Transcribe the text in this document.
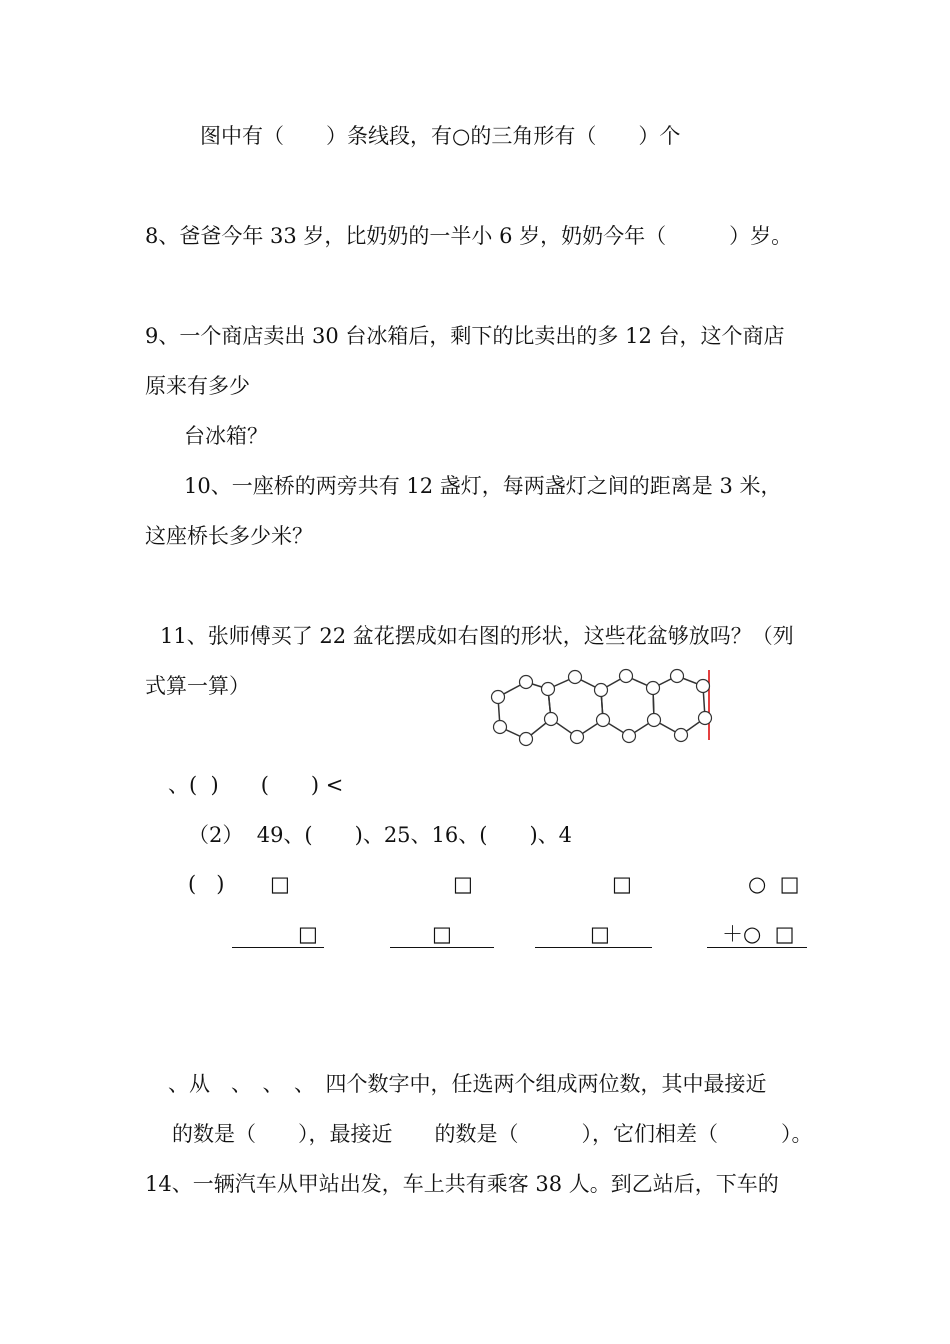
图中有（　　）条线段，有○的三角形有（　　）个
8、爸爸今年 33 岁，比奶奶的一半小 6 岁，奶奶今年（　　　）岁。
9、一个商店卖出 30 台冰箱后，剩下的比卖出的多 12 台，这个商店
原来有多少
台冰箱？
10、一座桥的两旁共有 12 盏灯，每两盏灯之间的距离是 3 米，
这座桥长多少米？
11、张师傅买了 22 盆花摆成如右图的形状，这些花盆够放吗？（列
式算一算）
、(  )　　(　　) <
（2）  49、(　　)、25、16、(　　)、4
(   ) □	□	□	○  □
□	□	□	＋○  □
、从　、　、　、　四个数字中，任选两个组成两位数，其中最接近
的数是（　　），最接近　　的数是（　　　），它们相差（　　　）。
14、一辆汽车从甲站出发，车上共有乘客 38 人。到乙站后，下车的
